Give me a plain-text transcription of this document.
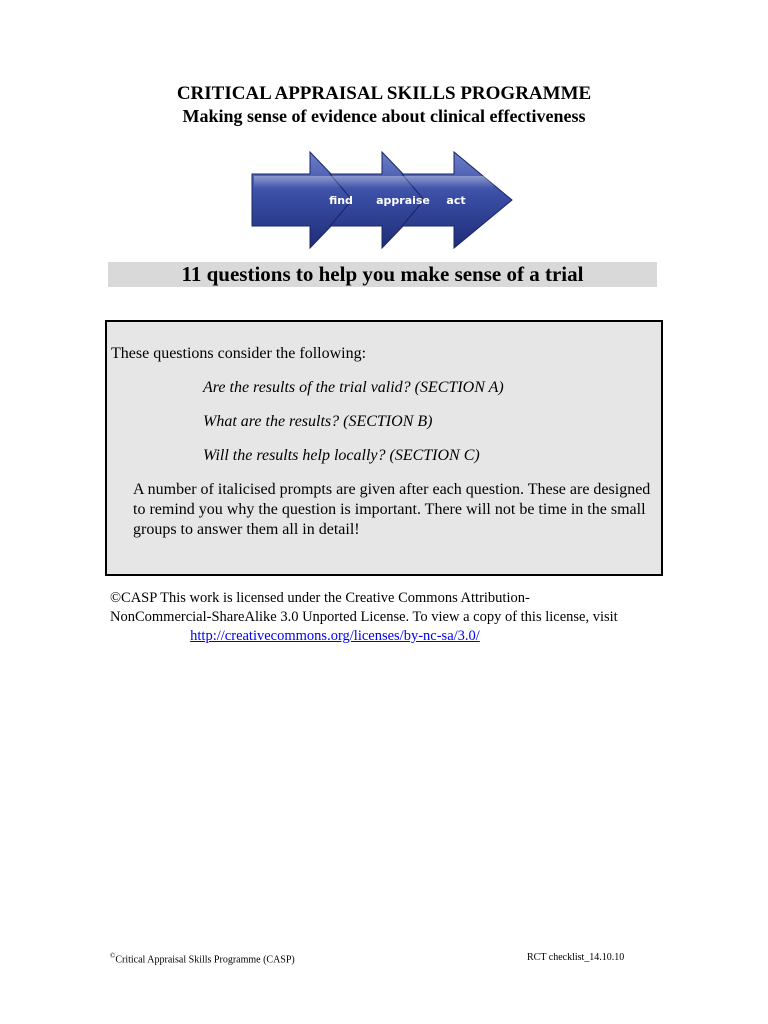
CRITICAL APPRAISAL SKILLS PROGRAMME
Making sense of evidence about clinical effectiveness
find appraise act
11 questions to help you make sense of a trial
These questions consider the following:
Are the results of the trial valid? (SECTION A)
What are the results? (SECTION B)
Will the results help locally? (SECTION C)
A number of italicised prompts are given after each question. These are designed to remind you why the question is important. There will not be time in the small groups to answer them all in detail!
©CASP This work is licensed under the Creative Commons Attribution-
NonCommercial-ShareAlike 3.0 Unported License. To view a copy of this license, visit
http://creativecommons.org/licenses/by-nc-sa/3.0/
©Critical Appraisal Skills Programme (CASP)	RCT checklist_14.10.10
